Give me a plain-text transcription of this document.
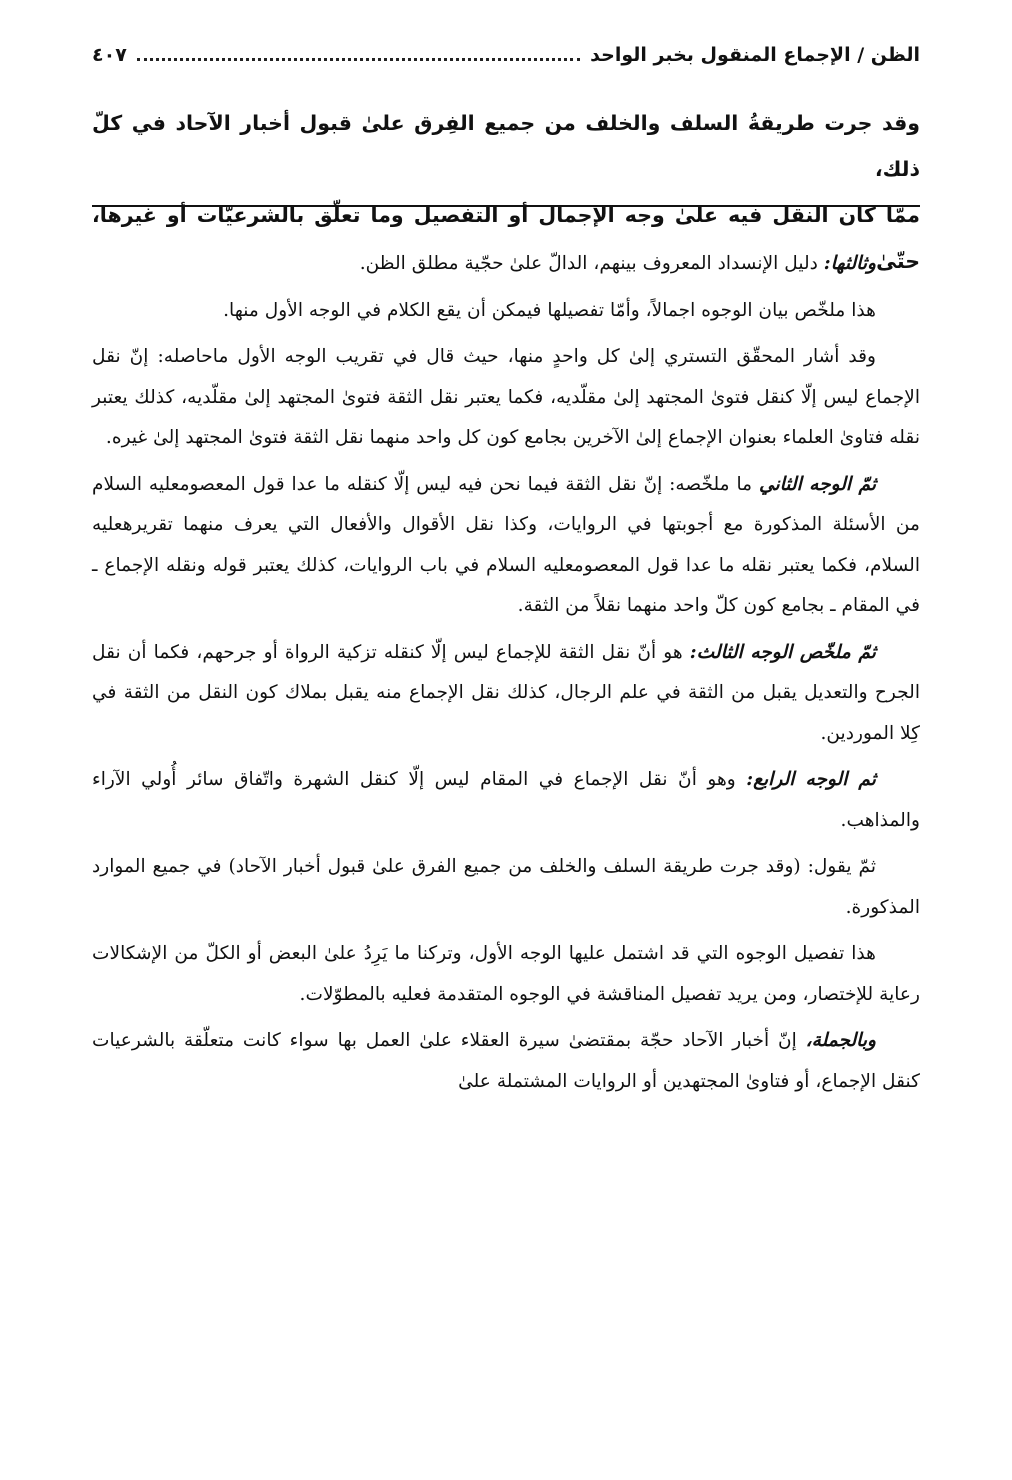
الظن / الإجماع المنقول بخبر الواحد
٤٠٧

وقد جرت طريقةُ السلف والخلف من جميع الفِرق علىٰ قبول أخبار الآحاد في كلّ ذلك،

ممّا كان النقل فيه علىٰ وجه الإجمال أو التفصيل وما تعلّق بالشرعيّات أو غيرها، حتّىٰ

وثالثها: دليل الإنسداد المعروف بينهم، الدالّ علىٰ حجّية مطلق الظن.

هذا ملخّص بيان الوجوه اجمالاً، وأمّا تفصيلها فيمكن أن يقع الكلام في الوجه الأول منها.

وقد أشار المحقّق التستري إلىٰ كل واحدٍ منها، حيث قال في تقريب الوجه الأول ماحاصله: إنّ نقل الإجماع ليس إلّا كنقل فتوىٰ المجتهد إلىٰ مقلّديه، فكما يعتبر نقل الثقة فتوىٰ المجتهد إلىٰ مقلّديه، كذلك يعتبر نقله فتاوىٰ العلماء بعنوان الإجماع إلىٰ الآخرين بجامع كون كل واحد منهما نقل الثقة فتوىٰ المجتهد إلىٰ غيره.

ثمّ الوجه الثاني ما ملخّصه: إنّ نقل الثقة فيما نحن فيه ليس إلّا كنقله ما عدا قول المعصومعليه السلام من الأسئلة المذكورة مع أجوبتها في الروايات، وكذا نقل الأقوال والأفعال التي يعرف منهما تقريرهعليه السلام، فكما يعتبر نقله ما عدا قول المعصومعليه السلام في باب الروايات، كذلك يعتبر قوله ونقله الإجماع ـ في المقام ـ بجامع كون كلّ واحد منهما نقلاً من الثقة.

ثمّ ملخّص الوجه الثالث: هو أنّ نقل الثقة للإجماع ليس إلّا كنقله تزكية الرواة أو جرحهم، فكما أن نقل الجرح والتعديل يقبل من الثقة في علم الرجال، كذلك نقل الإجماع منه يقبل بملاك كون النقل من الثقة في كِلا الموردين.

ثم الوجه الرابع: وهو أنّ نقل الإجماع في المقام ليس إلّا كنقل الشهرة واتّفاق سائر أُولي الآراء والمذاهب.

ثمّ يقول: (وقد جرت طريقة السلف والخلف من جميع الفرق علىٰ قبول أخبار الآحاد) في جميع الموارد المذكورة.

هذا تفصيل الوجوه التي قد اشتمل عليها الوجه الأول، وتركنا ما يَرِدُ علىٰ البعض أو الكلّ من الإشكالات رعاية للإختصار، ومن يريد تفصيل المناقشة في الوجوه المتقدمة فعليه بالمطوّلات.

وبالجملة، إنّ أخبار الآحاد حجّة بمقتضىٰ سيرة العقلاء علىٰ العمل بها سواء كانت متعلّقة بالشرعيات كنقل الإجماع، أو فتاوىٰ المجتهدين أو الروايات المشتملة علىٰ
